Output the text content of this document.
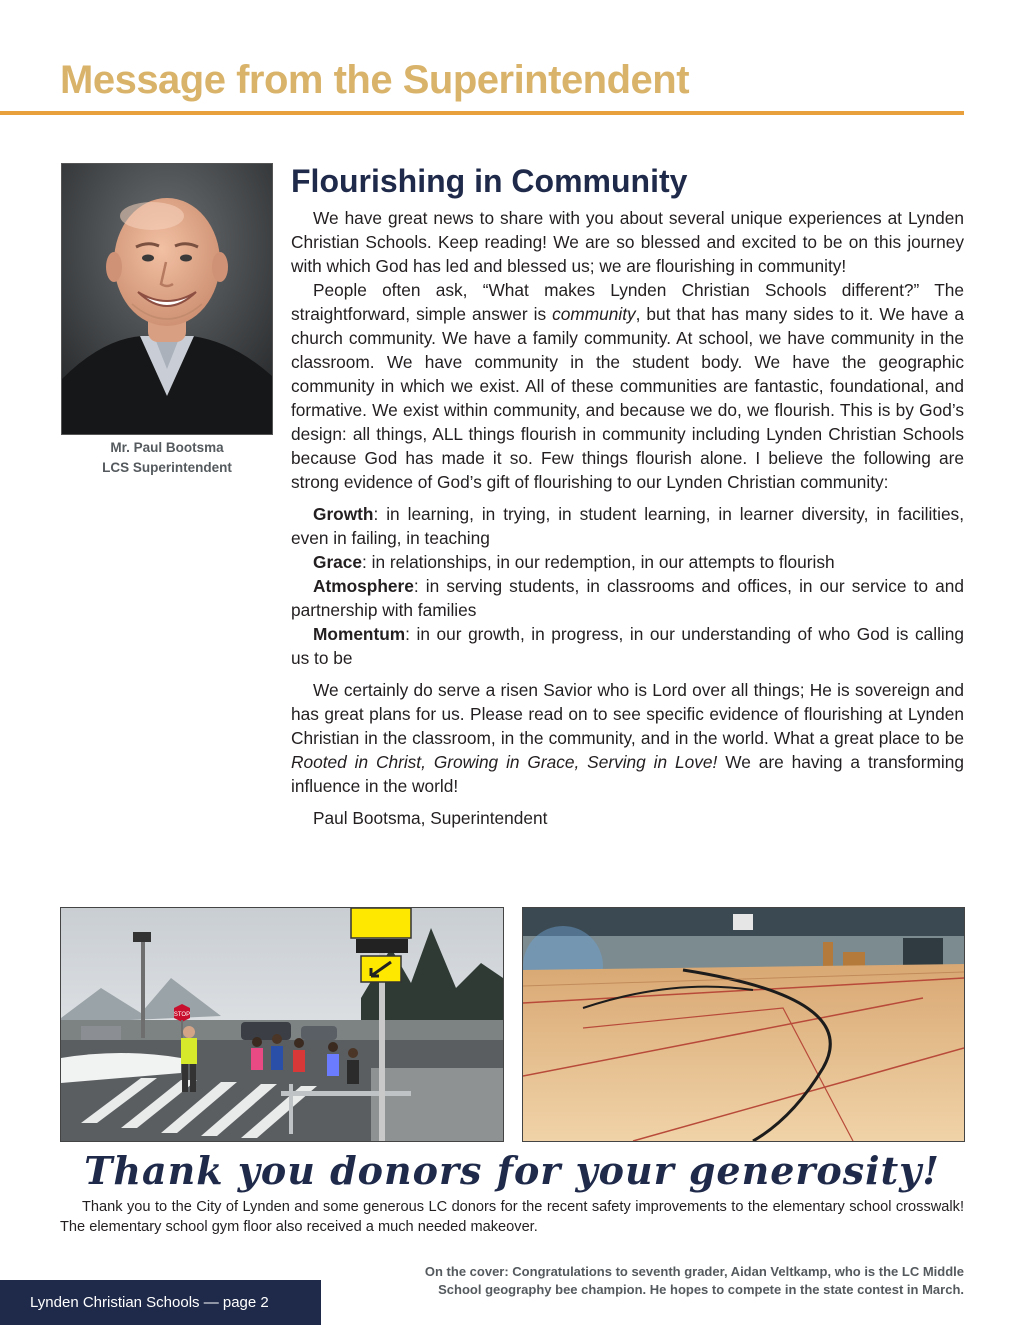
Message from the Superintendent
Mr. Paul Bootsma
LCS Superintendent
Flourishing in Community

We have great news to share with you about several unique experiences at Lynden Christian Schools. Keep reading! We are so blessed and excited to be on this journey with which God has led and blessed us; we are flourishing in community!

People often ask, “What makes Lynden Christian Schools different?” The straightforward, simple answer is community, but that has many sides to it. We have a church community. We have a family community. At school, we have community in the classroom. We have community in the student body. We have the geographic community in which we exist. All of these communities are fantastic, foundational, and formative. We exist within community, and because we do, we flourish. This is by God’s design: all things, ALL things flourish in community including Lynden Christian Schools because God has made it so. Few things flourish alone. I believe the following are strong evidence of God’s gift of flourishing to our Lynden Christian community:

Growth: in learning, in trying, in student learning, in learner diversity, in facilities, even in failing, in teaching

Grace: in relationships, in our redemption, in our attempts to flourish

Atmosphere: in serving students, in classrooms and offices, in our service to and partnership with families

Momentum: in our growth, in progress, in our understanding of who God is calling us to be

We certainly do serve a risen Savior who is Lord over all things; He is sovereign and has great plans for us. Please read on to see specific evidence of flourishing at Lynden Christian in the classroom, in the community, and in the world. What a great place to be Rooted in Christ, Growing in Grace, Serving in Love! We are having a transforming influence in the world!

Paul Bootsma, Superintendent

STOP
Thank you donors for your generosity!
Thank you to the City of Lynden and some generous LC donors for the recent safety improvements to the elementary school crosswalk! The elementary school gym floor also received a much needed makeover.
On the cover: Congratulations to seventh grader, Aidan Veltkamp, who is the LC Middle
School geography bee champion. He hopes to compete in the state contest in March.
Lynden Christian Schools — page 2
